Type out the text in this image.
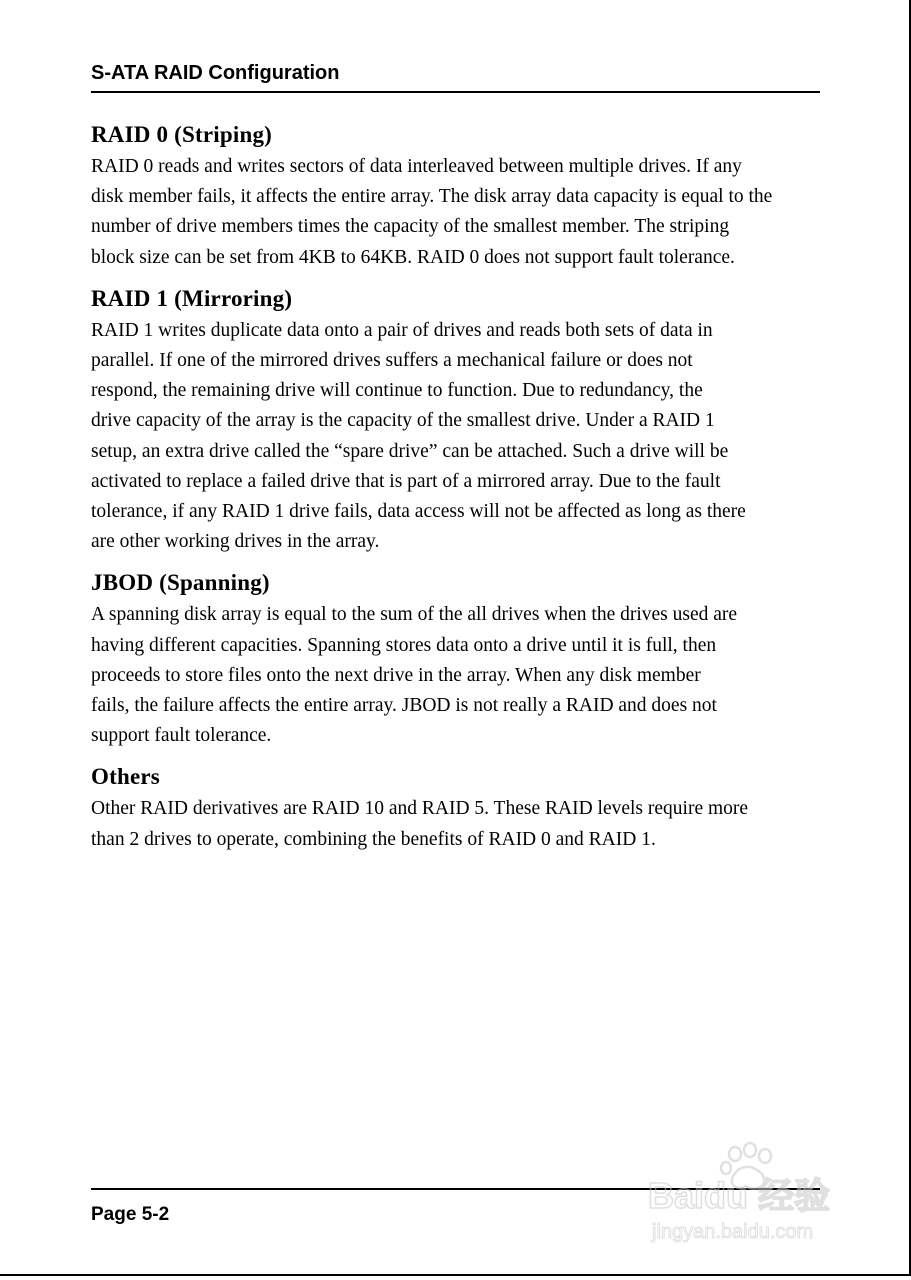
S-ATA RAID Configuration
RAID 0 (Striping)

RAID 0 reads and writes sectors of data interleaved between multiple drives. If any
disk member fails, it affects the entire array. The disk array data capacity is equal to the
number of drive members times the capacity of the smallest member. The striping
block size can be set from 4KB to 64KB. RAID 0 does not support fault tolerance.

RAID 1 (Mirroring)

RAID 1 writes duplicate data onto a pair of drives and reads both sets of data in
parallel. If one of the mirrored drives suffers a mechanical failure or does not
respond, the remaining drive will continue to function. Due to redundancy, the
drive capacity of the array is the capacity of the smallest drive. Under a RAID 1
setup, an extra drive called the “spare drive” can be attached. Such a drive will be
activated to replace a failed drive that is part of a mirrored array. Due to the fault
tolerance, if any RAID 1 drive fails, data access will not be affected as long as there
are other working drives in the array.

JBOD (Spanning)

A spanning disk array is equal to the sum of the all drives when the drives used are
having different capacities. Spanning stores data onto a drive until it is full, then
proceeds to store files onto the next drive in the array. When any disk member
fails, the failure affects the entire array. JBOD is not really a RAID and does not
support fault tolerance.

Others

Other RAID derivatives are RAID 10 and RAID 5. These RAID levels require more
than 2 drives to operate, combining the benefits of RAID 0 and RAID 1.

Page 5-2	Baidu 经验
jingyan.baidu.com
